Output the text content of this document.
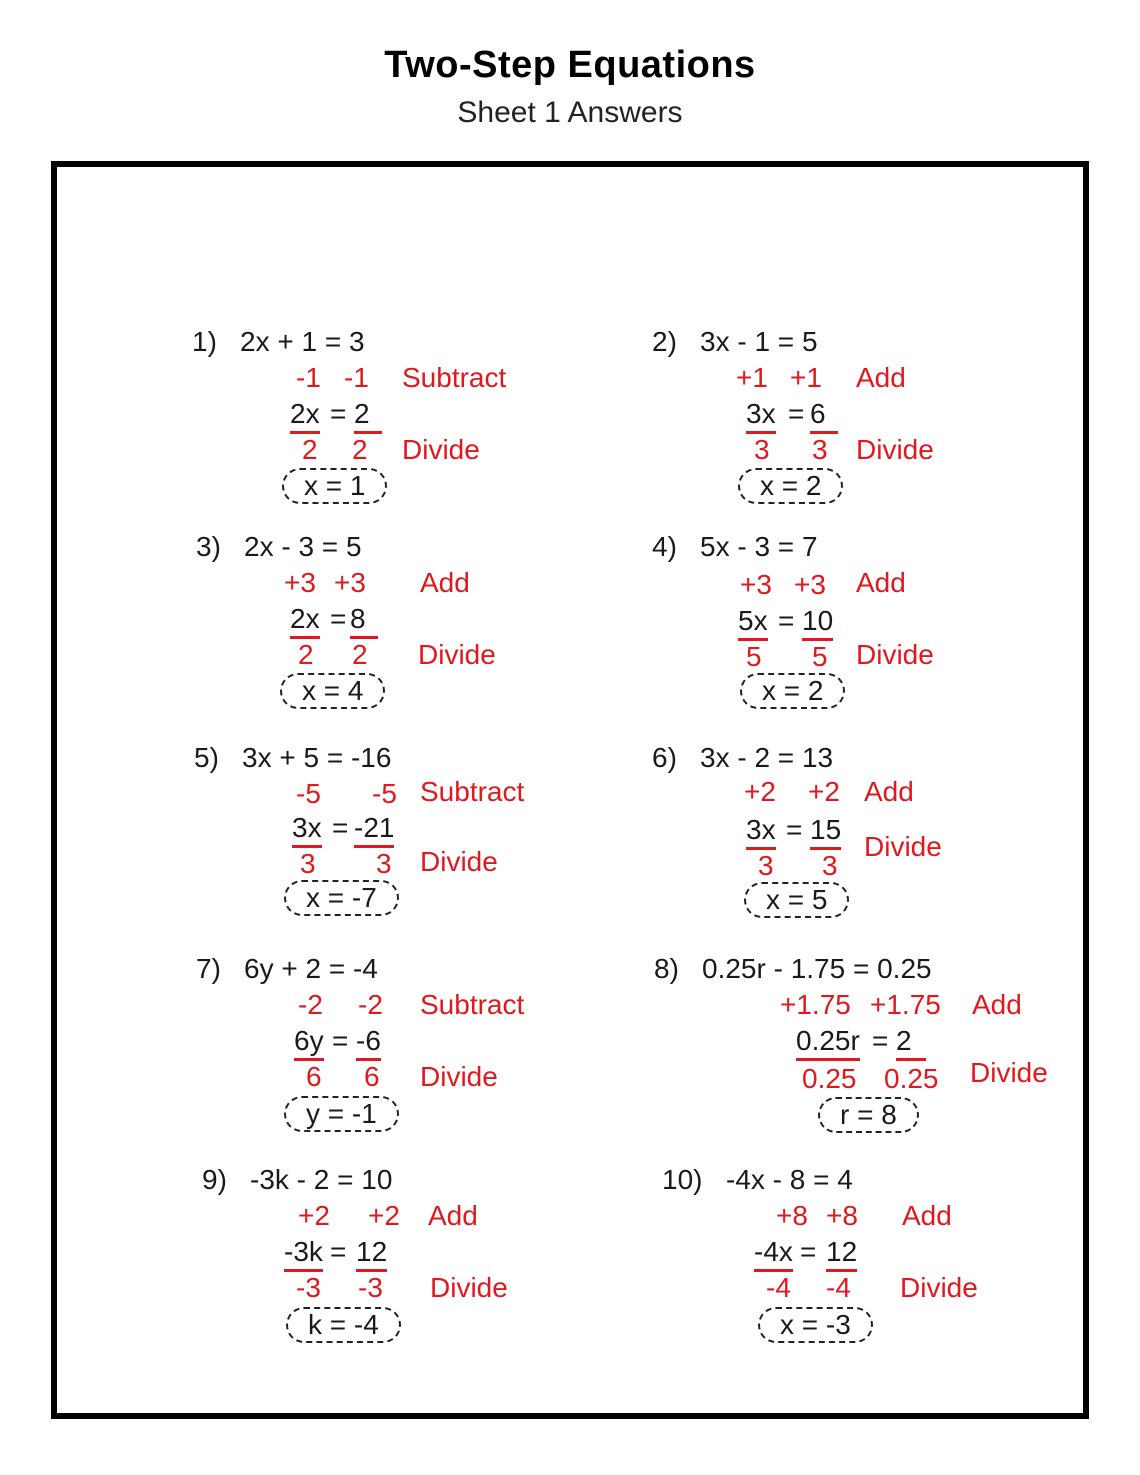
Two-Step Equations
Sheet 1 Answers
1) 2x + 1 = 3
-1 -1 Subtract
2x = 2
2 2 Divide
x = 1
2) 3x - 1 = 5
+1 +1 Add
3x = 6
3 3 Divide
x = 2
3) 2x - 3 = 5
+3 +3 Add
2x = 8
2 2 Divide
x = 4
4) 5x - 3 = 7
+3 +3 Add
5x = 10
5 5 Divide
x = 2
5) 3x + 5 = -16
-5 -5 Subtract
3x = -21
3 3 Divide
x = -7
6) 3x - 2 = 13
+2 +2 Add
3x = 15
3 3
Divide
x = 5
7) 6y + 2 = -4
-2 -2 Subtract
6y = -6
6 6 Divide
y = -1
8) 0.25r - 1.75 = 0.25
+1.75 +1.75 Add
0.25r = 2
0.25 0.25 Divide
r = 8
9) -3k - 2 = 10
+2 +2 Add
-3k = 12
-3 -3 Divide
k = -4
10) -4x - 8 = 4
+8 +8 Add
-4x = 12
-4 -4 Divide
x = -3
